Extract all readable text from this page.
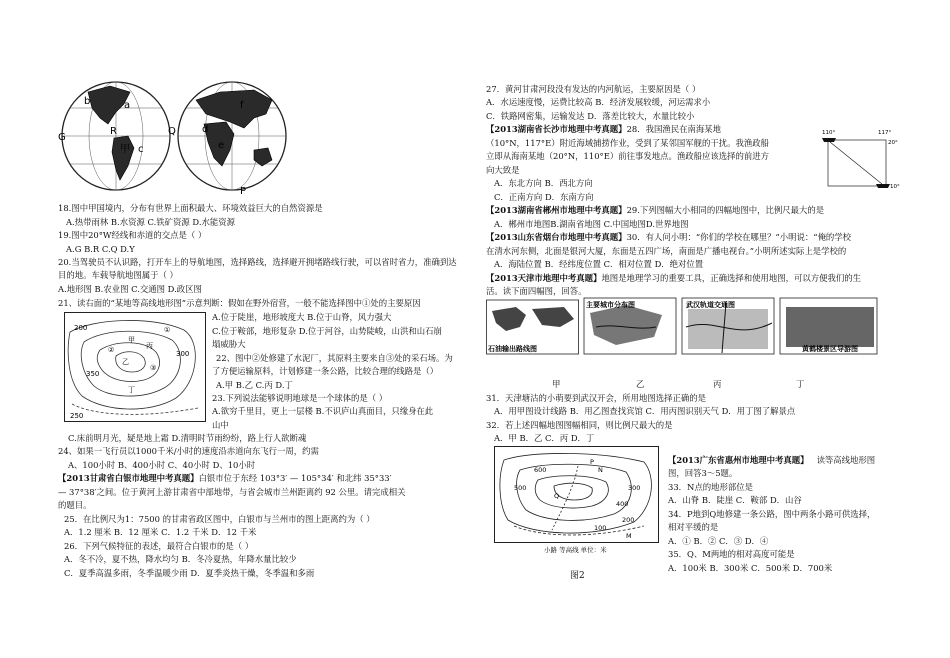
a
b
c
G
R	Q
甲
d
e
f
P
18.图中甲国境内，分布有世界上面积最大、环境效益巨大的自然资源是
A.热带雨林 B.水资源 C.铁矿资源 D.水能资源
19.图中20°W经线和赤道的交点是（ ）
A.G B.R C.Q D.Y
20.当驾驶员不认识路，打开车上的导航地图，选择路线，选择避开拥堵路线行驶，可以省时省力，准确到达
目的地。车载导航地图属于（ ）
A.地形图 B.农业图 C.交通图 D.政区图
21、读右面的“某地等高线地形图”示意判断：假如在野外宿营，一般不能选择图中①处的主要原因
200
250
300
350
甲
乙
丙
丁
①
②
③
A.位于陡崖，地形坡度大 B.位于山脊，风力强大
C.位于鞍部，地形复杂 D.位于河谷，山势陡峻，山洪和山石崩
塌威胁大
22、图中②处修建了水泥厂，其原料主要来自③处的采石场。为
了方便运输原料，计划修建一条公路，比较合理的线路是（）
A.甲 B.乙 C.丙 D.丁
23.下列说法能够说明地球是一个球体的是（ ）
A.欲穷千里目，更上一层楼 B.不识庐山真面目，只缘身在此
山中
C.床前明月光，疑是地上霜 D.清明时节雨纷纷，路上行人欲断魂
24、如果一飞行员以1000千米/小时的速度沿赤道向东飞行一周，约需
A、100小时 B、400小时 C、40小时 D、10小时
【2013甘肃省白银市地理中考真题】白银市位于东经 103°3′ — 105°34′ 和北纬 35°33′
— 37°38′之间。位于黄河上游甘肃省中部地带，与省会城市兰州距离约 92 公里。请完成相关
的题目。
25．在比例尺为1：7500 的甘肃省政区图中，白银市与兰州市的图上距离约为（ ）
A．1.2 厘米 B．12 厘米 C．1.2 千米 D．12 千米
26．下列气候特征的表述，最符合白银市的是（ ）
A．冬不冷，夏不热，降水均匀 B．冬冷夏热，年降水量比较少
C．夏季高温多雨，冬季温暖少雨 D．夏季炎热干燥，冬季温和多雨
27．黄河甘肃河段没有发达的内河航运，主要原因是（ ）
A．水运速度慢，运费比较高 B．经济发展较缓，河运需求小
C．铁路网密集，运输发达 D．落差比较大，水量比较小
【2013湖南省长沙市地理中考真题】28．我国渔民在南海某地
（10°N，117°E）附近海域捕捞作业，受到了某邻国军舰的干扰。我渔政船
立即从海南某地（20°N，110°E）前往事发地点。渔政船应该选择的前进方
向大致是
A．东北方向 B．西北方向
C．正南方向 D．东南方向
110°	117°
20°
10°
【2013湖南省郴州市地理中考真题】29.下列图幅大小相同的四幅地图中，比例尺最大的是
A．郴州市地图B.湖南省地图 C.中国地图D.世界地图
【2013山东省烟台市地理中考真题】30．有人问小明：“你们的学校在哪里？”小明说：“俺的学校
在清水河东侧，北面是银河大厦，东面是五四广场，南面是广播电视台。”小明所述实际上是学校的
A．海陆位置 B．经纬度位置 C．相对位置 D．绝对位置
【2013天津市地理中考真题】地图是地理学习的重要工具，正确选择和使用地图，可以方便我们的生
活。读下面四幅图，回答。
石油输出路线图
主要城市分布图	武汉轨道交通图
黄鹤楼景区导游图
甲	乙	丙	丁
31．天津塘沽的小萌要到武汉开会，所用地图选择正确的是
A．用甲图设计线路 B．用乙图查找宾馆 C．用丙图识别天气 D．用丁图了解景点
32．若上述四幅地图图幅相同，则比例尺最大的是
A．甲 B．乙 C．丙 D．丁
600
500	300
400
200
100
P
N
Q
M
小路 等高线 单位：米
图2
【2013广东省惠州市地理中考真题】 读等高线地形图
图，回答3～5题。
33．N点的地形部位是
A．山脊 B．陡崖 C．鞍部 D．山谷
34．P地到Q地修建一条公路，图中两条小路可供选择，
相对平缓的是
A．① B．② C．③ D．④
35．Q、M两地的相对高度可能是
A．100米 B．300米 C．500米 D．700米
